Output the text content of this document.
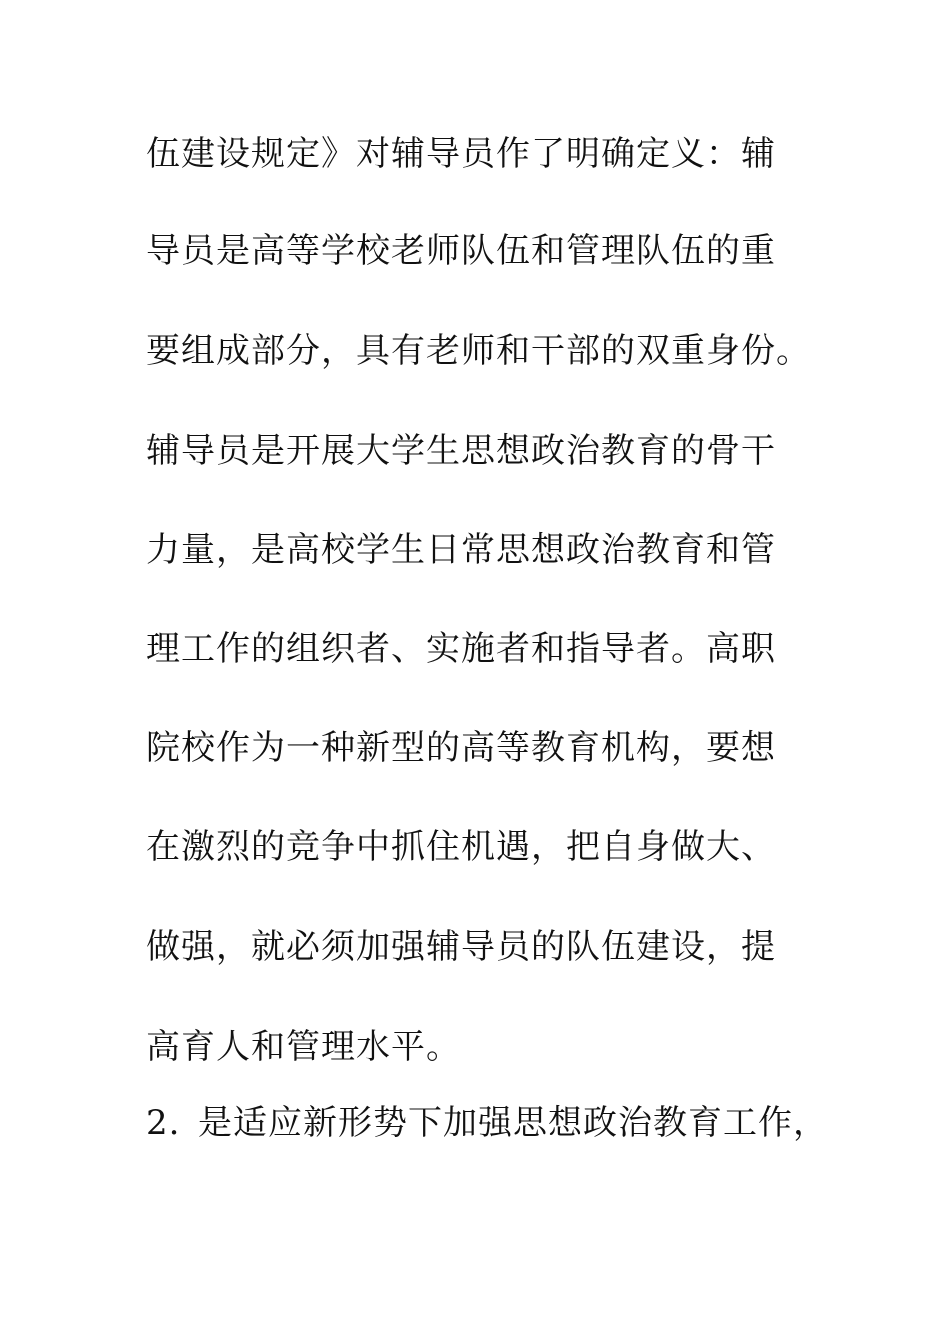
伍建设规定》对辅导员作了明确定义：辅
导员是高等学校老师队伍和管理队伍的重
要组成部分，具有老师和干部的双重身份。
辅导员是开展大学生思想政治教育的骨干
力量，是高校学生日常思想政治教育和管
理工作的组织者、实施者和指导者。高职
院校作为一种新型的高等教育机构，要想
在激烈的竞争中抓住机遇，把自身做大、
做强，就必须加强辅导员的队伍建设，提
高育人和管理水平。
2. 是适应新形势下加强思想政治教育工作，
